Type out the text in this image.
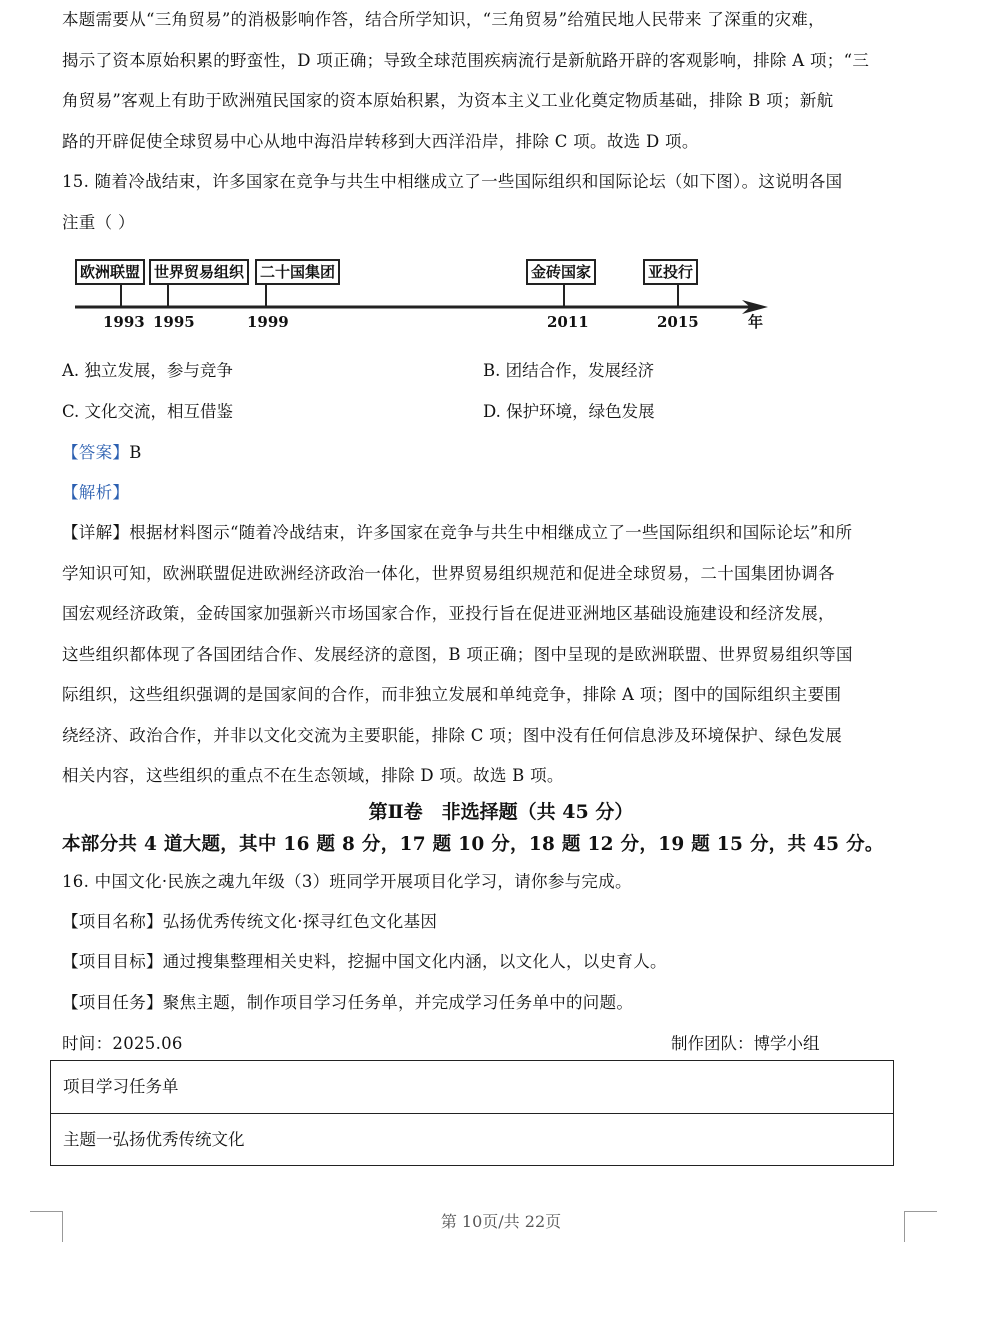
本题需要从“三角贸易”的消极影响作答，结合所学知识，“三角贸易”给殖民地人民带来 了深重的灾难，
揭示了资本原始积累的野蛮性，D 项正确；导致全球范围疾病流行是新航路开辟的客观影响，排除 A 项；“三
角贸易”客观上有助于欧洲殖民国家的资本原始积累，为资本主义工业化奠定物质基础，排除 B 项；新航
路的开辟促使全球贸易中心从地中海沿岸转移到大西洋沿岸，排除 C 项。故选 D 项。
15. 随着冷战结束，许多国家在竞争与共生中相继成立了一些国际组织和国际论坛（如下图）。这说明各国
注重（ ）
欧洲联盟 世界贸易组织	二十国集团	金砖国家	亚投行
1993 1995	1999	2011	2015	年
A. 独立发展，参与竞争	B. 团结合作，发展经济
C. 文化交流，相互借鉴	D. 保护环境，绿色发展
【答案】B
【解析】
【详解】根据材料图示“随着冷战结束，许多国家在竞争与共生中相继成立了一些国际组织和国际论坛”和所
学知识可知，欧洲联盟促进欧洲经济政治一体化，世界贸易组织规范和促进全球贸易，二十国集团协调各
国宏观经济政策，金砖国家加强新兴市场国家合作，亚投行旨在促进亚洲地区基础设施建设和经济发展，
这些组织都体现了各国团结合作、发展经济的意图，B 项正确；图中呈现的是欧洲联盟、世界贸易组织等国
际组织，这些组织强调的是国家间的合作，而非独立发展和单纯竞争，排除 A 项；图中的国际组织主要围
绕经济、政治合作，并非以文化交流为主要职能，排除 C 项；图中没有任何信息涉及环境保护、绿色发展
相关内容，这些组织的重点不在生态领域，排除 D 项。故选 B 项。
第Ⅱ卷　非选择题（共 45 分）
本部分共 4 道大题，其中 16 题 8 分，17 题 10 分，18 题 12 分，19 题 15 分，共 45 分。
16. 中国文化·民族之魂九年级（3）班同学开展项目化学习，请你参与完成。
【项目名称】弘扬优秀传统文化·探寻红色文化基因
【项目目标】通过搜集整理相关史料，挖掘中国文化内涵，以文化人，以史育人。
【项目任务】聚焦主题，制作项目学习任务单，并完成学习任务单中的问题。
时间：2025.06	制作团队：博学小组
项目学习任务单
主题一弘扬优秀传统文化
第 10页/共 22页
